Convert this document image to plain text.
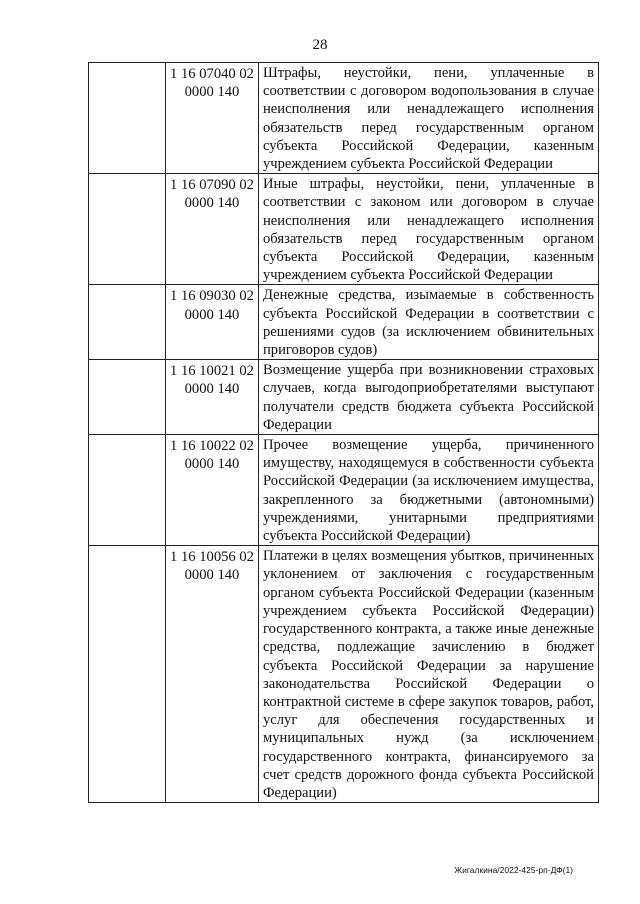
28
	1 16 07040 02
0000 140	Штрафы, неустойки, пени, уплаченные в соответствии с договором водопользования в случае неисполнения или ненадлежащего исполнения обязательств перед государственным органом субъекта Российской Федерации, казенным учреждением субъекта Российской Федерации
	1 16 07090 02
0000 140	Иные штрафы, неустойки, пени, уплаченные в соответствии с законом или договором в случае неисполнения или ненадлежащего исполнения обязательств перед государственным органом субъекта Российской Федерации, казенным учреждением субъекта Российской Федерации
	1 16 09030 02
0000 140	Денежные средства, изымаемые в собственность субъекта Российской Федерации в соответствии с решениями судов (за исключением обвинительных приговоров судов)
	1 16 10021 02
0000 140	Возмещение ущерба при возникновении страховых случаев, когда выгодоприобретателями выступают получатели средств бюджета субъекта Российской Федерации
	1 16 10022 02
0000 140	Прочее возмещение ущерба, причиненного имуществу, находящемуся в собственности субъекта Российской Федерации (за исключением имущества, закрепленного за бюджетными (автономными) учреждениями, унитарными предприятиями субъекта Российской Федерации)
	1 16 10056 02
0000 140	Платежи в целях возмещения убытков, причиненных уклонением от заключения с государственным органом субъекта Российской Федерации (казенным учреждением субъекта Российской Федерации) государственного контракта, а также иные денежные средства, подлежащие зачислению в бюджет субъекта Российской Федерации за нарушение законодательства Российской Федерации о контрактной системе в сфере закупок товаров, работ, услуг для обеспечения государственных и муниципальных нужд (за исключением государственного контракта, финансируемого за счет средств дорожного фонда субъекта Российской Федерации)
Жигалкина/2022-425-рп-ДФ(1)
